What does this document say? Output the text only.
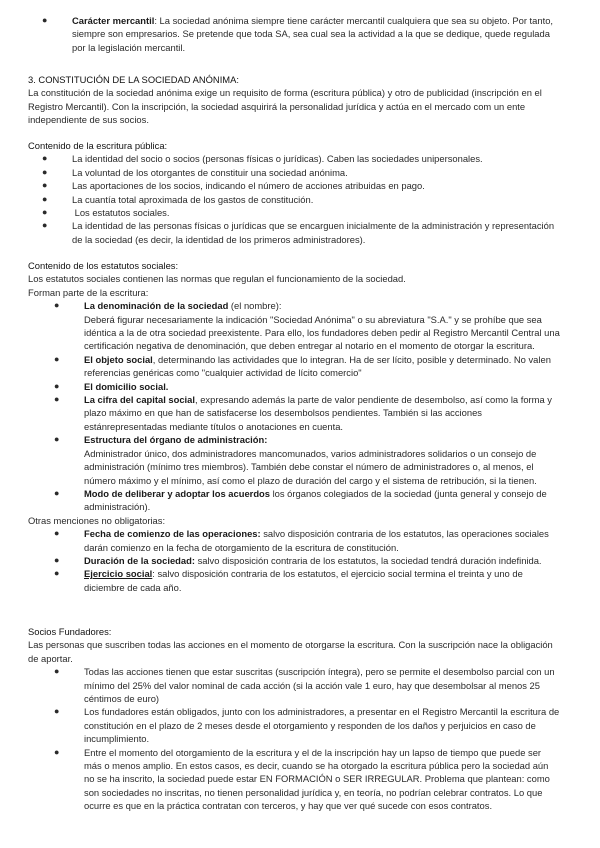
●	Carácter mercantil: La sociedad anónima siempre tiene carácter mercantil cualquiera que sea su objeto. Por tanto, siempre son empresarios. Se pretende que toda SA, sea cual sea la actividad a la que se dedique, quede regulada por la legislación mercantil.

3. CONSTITUCIÓN DE LA SOCIEDAD ANÓNIMA:

La constitución de la sociedad anónima exige un requisito de forma (escritura pública) y otro de publicidad (inscripción en el Registro Mercantil). Con la inscripción, la sociedad asquirirá la personalidad jurídica y actúa en el mercado com un ente independiente de sus socios.

Contenido de la escritura pública:

●	La identidad del socio o socios (personas físicas o jurídicas). Caben las sociedades unipersonales.
●	La voluntad de los otorgantes de constituir una sociedad anónima.
●	Las aportaciones de los socios, indicando el número de acciones atribuidas en pago.
●	La cuantía total aproximada de los gastos de constitución.
●	Los estatutos sociales.
●	La identidad de las personas físicas o jurídicas que se encarguen inicialmente de la administración y representación de la sociedad (es decir, la identidad de los primeros administradores).

Contenido de los estatutos sociales:

Los estatutos sociales contienen las normas que regulan el funcionamiento de la sociedad.

Forman parte de la escritura:

●	La denominación de la sociedad (el nombre):
Deberá figurar necesariamente la indicación "Sociedad Anónima" o su abreviatura "S.A." y se prohíbe que sea idéntica a la de otra sociedad preexistente. Para ello, los fundadores deben pedir al Registro Mercantil Central una certificación negativa de denominación, que deben entregar al notario en el momento de otorgar la escritura.
●	El objeto social, determinando las actividades que lo integran. Ha de ser lícito, posible y determinado. No valen referencias genéricas como "cualquier actividad de lícito comercio"
●	El domicilio social.
●	La cifra del capital social, expresando además la parte de valor pendiente de desembolso, así como la forma y plazo máximo en que han de satisfacerse los desembolsos pendientes. También si las acciones estánrepresentadas mediante títulos o anotaciones en cuenta.
●	Estructura del órgano de administración:
Administrador único, dos administradores mancomunados, varios administradores solidarios o un consejo de administración (mínimo tres miembros). También debe constar el número de administradores o, al menos, el número máximo y el mínimo, así como el plazo de duración del cargo y el sistema de retribución, si la tienen.
●	Modo de deliberar y adoptar los acuerdos los órganos colegiados de la sociedad (junta general y consejo de administración).

Otras menciones no obligatorias:

●	Fecha de comienzo de las operaciones: salvo disposición contraria de los estatutos, las operaciones sociales darán comienzo en la fecha de otorgamiento de la escritura de constitución.
●	Duración de la sociedad: salvo disposición contraria de los estatutos, la sociedad tendrá duración indefinida.
●	Ejercicio social: salvo disposición contraria de los estatutos, el ejercicio social termina el treinta y uno de diciembre de cada año.

Socios Fundadores:

Las personas que suscriben todas las acciones en el momento de otorgarse la escritura. Con la suscripción nace la obligación de aportar.

●	Todas las acciones tienen que estar suscritas (suscripción íntegra), pero se permite el desembolso parcial con un mínimo del 25% del valor nominal de cada acción (si la acción vale 1 euro, hay que desembolsar al menos 25 céntimos de euro)
●	Los fundadores están obligados, junto con los administradores, a presentar en el Registro Mercantil la escritura de constitución en el plazo de 2 meses desde el otorgamiento y responden de los daños y perjuicios en caso de incumplimiento.
●	Entre el momento del otorgamiento de la escritura y el de la inscripción hay un lapso de tiempo que puede ser más o menos amplio. En estos casos, es decir, cuando se ha otorgado la escritura pública pero la sociedad aún no se ha inscrito, la sociedad puede estar EN FORMACIÓN o SER IRREGULAR. Problema que plantean: como son sociedades no inscritas, no tienen personalidad jurídica y, en teoría, no podrían celebrar contratos. Lo que ocurre es que en la práctica contratan con terceros, y hay que ver qué sucede con esos contratos.
